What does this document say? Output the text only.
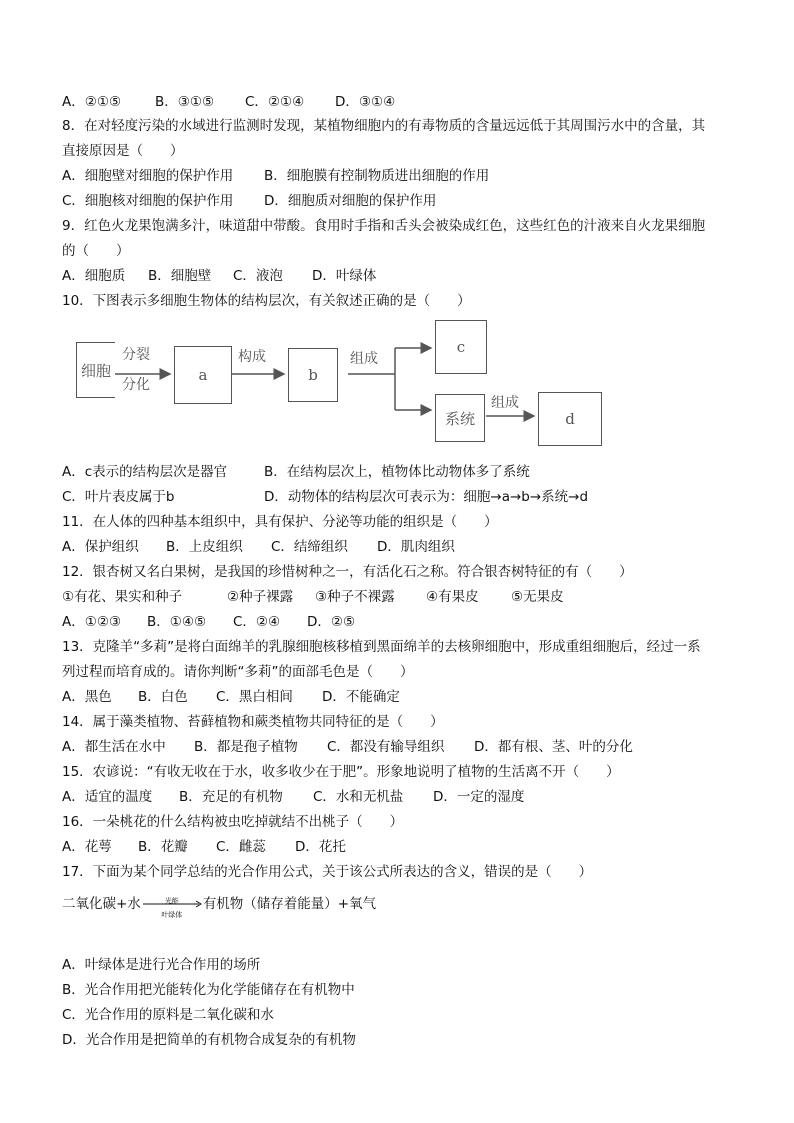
A．②①⑤	B．③①⑤ C．②①④ D．③①④
8．在对轻度污染的水域进行监测时发现，某植物细胞内的有毒物质的含量远远低于其周围污水中的含量，其
直接原因是（　　）
A．细胞壁对细胞的保护作用 B．细胞膜有控制物质进出细胞的作用
C．细胞核对细胞的保护作用 D．细胞质对细胞的保护作用
9．红色火龙果饱满多汁，味道甜中带酸。食用时手指和舌头会被染成红色，这些红色的汁液来自火龙果细胞
的（　　）
A．细胞质 B．细胞壁 C．液泡 D．叶绿体
10．下图表示多细胞生物体的结构层次，有关叙述正确的是（　　）
A．c表示的结构层次是器官	B．在结构层次上，植物体比动物体多了系统
C．叶片表皮属于b	D．动物体的结构层次可表示为：细胞→a→b→系统→d
11．在人体的四种基本组织中，具有保护、分泌等功能的组织是（　　）
A．保护组织 B．上皮组织 C．结缔组织 D．肌肉组织
12．银杏树又名白果树，是我国的珍惜树种之一，有活化石之称。符合银杏树特征的有（　　）
①有花、果实和种子	②种子裸露 ③种子不裸露 ④有果皮 ⑤无果皮
A．①②③ B．①④⑤ C．②④ D．②⑤
13．克隆羊“多莉”是将白面绵羊的乳腺细胞核移植到黑面绵羊的去核卵细胞中，形成重组细胞后，经过一系
列过程而培育成的。请你判断“多莉”的面部毛色是（　　）
A．黑色 B．白色 C．黑白相间 D．不能确定
14．属于藻类植物、苔藓植物和蕨类植物共同特征的是（　　）
A．都生活在水中 B．都是孢子植物 C．都没有输导组织 D．都有根、茎、叶的分化
15．农谚说：“有收无收在于水，收多收少在于肥”。形象地说明了植物的生活离不开（　　）
A．适宜的温度 B．充足的有机物 C．水和无机盐 D．一定的湿度
16．一朵桃花的什么结构被虫吃掉就结不出桃子（　　）
A．花萼 B．花瓣 C．雌蕊 D．花托
17．下面为某个同学总结的光合作用公式，关于该公式所表达的含义，错误的是（　　）
A．叶绿体是进行光合作用的场所
B．光合作用把光能转化为化学能储存在有机物中
C．光合作用的原料是二氧化碳和水
D．光合作用是把简单的有机物合成复杂的有机物
细胞
分裂
分化
a
构成
b
组成
c
系统
组成
d
二氧化碳+水	光能
叶绿体
有机物（储存着能量）+氧气
